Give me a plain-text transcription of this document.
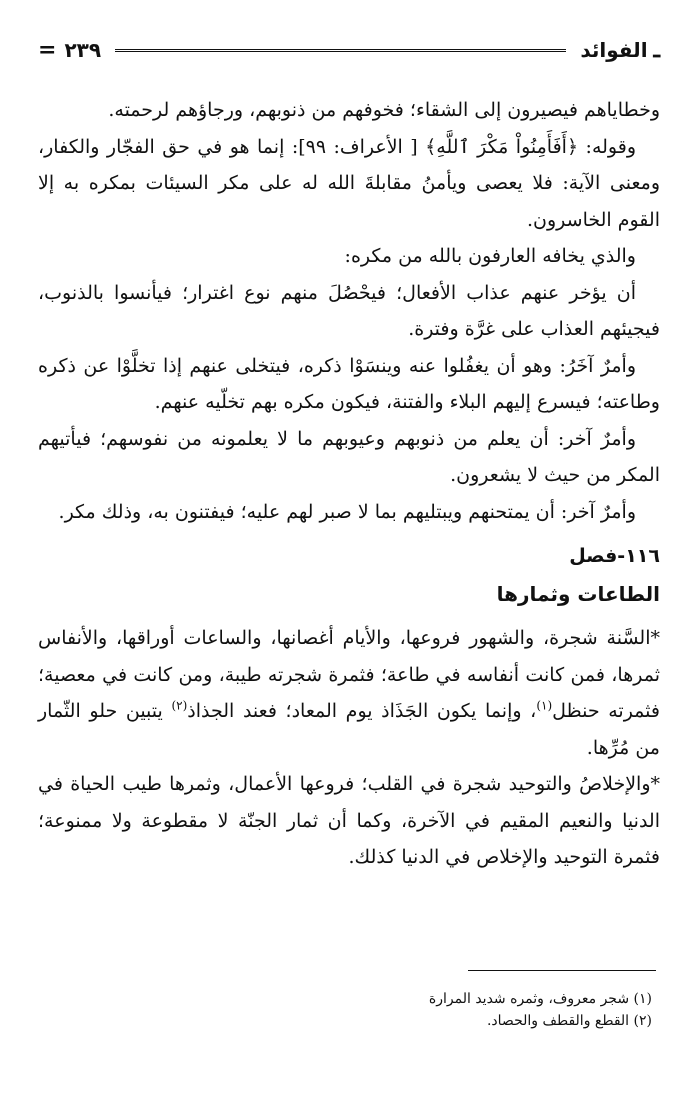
ـ
الفوائد
٢٣٩
=

وخطاياهم فيصيرون إلى الشقاء؛ فخوفهم من ذنوبهم، ورجاؤهم لرحمته.

وقوله: ﴿أَفَأَمِنُواْ مَكْرَ ٱللَّهِ﴾ [ الأعراف: ٩٩]: إنما هو في حق الفجّار والكفار، ومعنى الآية: فلا يعصى ويأمنُ مقابلةَ الله له على مكر السيئات بمكره به إلا القوم الخاسرون.

والذي يخافه العارفون بالله من مكره:

أن يؤخر عنهم عذاب الأفعال؛ فيحْصُلَ منهم نوع اغترار؛ فيأنسوا بالذنوب، فيجيئهم العذاب على غرَّة وفترة.

وأمرٌ آخَرُ: وهو أن يغفُلوا عنه وينسَوْا ذكره، فيتخلى عنهم إذا تخلَّوْا عن ذكره وطاعته؛ فيسرع إليهم البلاء والفتنة، فيكون مكره بهم تخلّيه عنهم.

وأمرٌ آخر: أن يعلم من ذنوبهم وعيوبهم ما لا يعلمونه من نفوسهم؛ فيأتيهم المكر من حيث لا يشعرون.

وأمرٌ آخر: أن يمتحنهم ويبتليهم بما لا صبر لهم عليه؛ فيفتنون به، وذلك مكر.

١١٦-فصل
الطاعات وثمارها

*السَّنة شجرة، والشهور فروعها، والأيام أغصانها، والساعات أوراقها، والأنفاس ثمرها، فمن كانت أنفاسه في طاعة؛ فثمرة شجرته طيبة، ومن كانت في معصية؛ فثمرته حنظل$^{(١)}$، وإنما يكون الجَذَاذ يوم المعاد؛ فعند الجذاذ$^{(٢)}$ يتبين حلو الثّمار من مُرِّها.

*والإخلاصُ والتوحيد شجرة في القلب؛ فروعها الأعمال، وثمرها طيب الحياة في الدنيا والنعيم المقيم في الآخرة، وكما أن ثمار الجنّة لا مقطوعة ولا ممنوعة؛ فثمرة التوحيد والإخلاص في الدنيا كذلك.

(١) شجر معروف، وثمره شديد المرارة
(٢) القطع والقطف والحصاد.
